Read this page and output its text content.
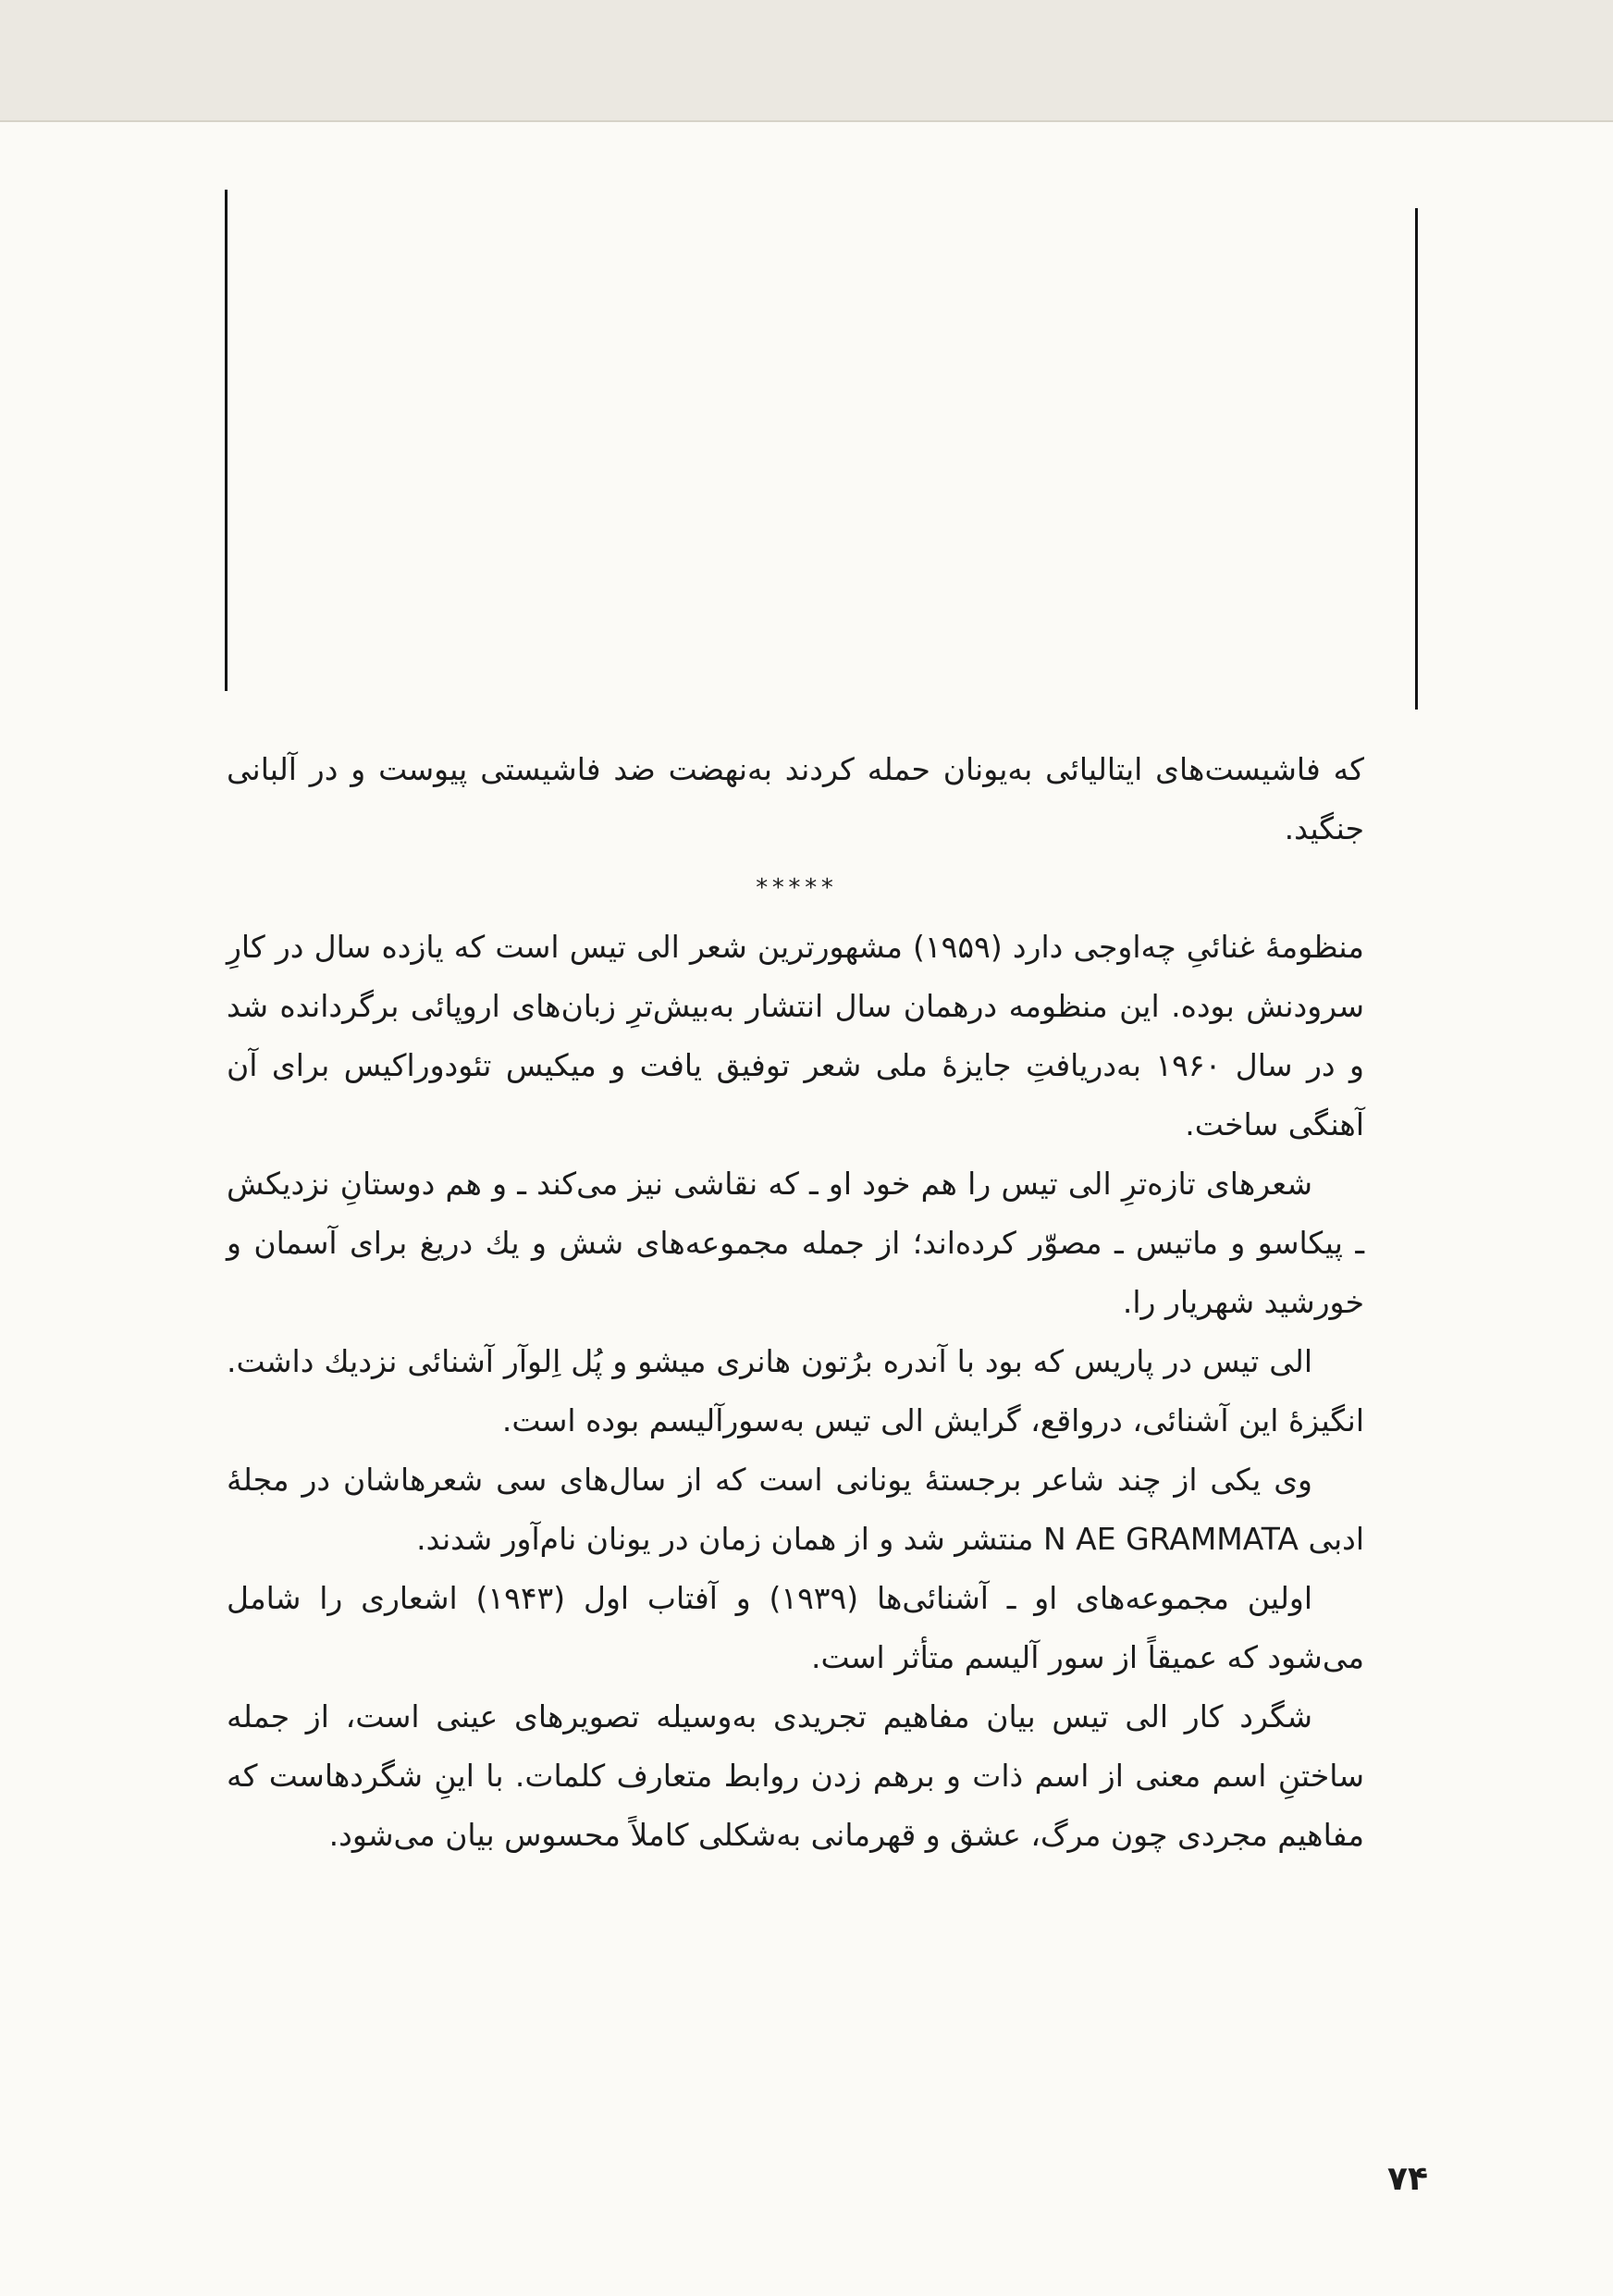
که فاشیست‌های ایتالیائی به‌یونان حمله کردند به‌نهضت ضد فاشیستی پیوست و در آلبانی جنگید.

*****

منظومهٔ غنائیِ چه‌اوجی دارد (۱۹۵۹) مشهورترین شعر الی تیس است که یازده سال در کارِ سرودنش بوده. این منظومه درهمان سال انتشار به‌بیش‌ترِ زبان‌های اروپائی برگردانده شد و در سال ۱۹۶۰ به‌دریافتِ جایزهٔ ملی شعر توفیق یافت و میکیس تئودوراکیس برای آن آهنگی ساخت.

شعرهای تازه‌ترِ الی تیس را هم خود او ـ که نقاشی نیز می‌کند ـ و هم دوستانِ نزدیکش ـ پیکاسو و ماتیس ـ مصوّر کرده‌اند؛ از جمله مجموعه‌های شش و یك دریغ برای آسمان و خورشید شهریار را.

الی تیس در پاریس که بود با آندره برُتون هانری میشو و پُل اِلوآر آشنائی نزدیك داشت. انگیزهٔ این آشنائی، درواقع، گرایش الی تیس به‌سورآلیسم بوده است.

وی یکی از چند شاعر برجستهٔ یونانی است که از سال‌های سی شعرهاشان در مجلهٔ ادبی N AE GRAMMATA منتشر شد و از همان زمان در یونان نام‌آور شدند.

اولین مجموعه‌های او ـ آشنائی‌ها (۱۹۳۹) و آفتاب اول (۱۹۴۳) اشعاری را شامل می‌شود که عمیقاً از سور آلیسم متأثر است.

شگرد کار الی تیس بیان مفاهیم تجریدی به‌وسیله تصویرهای عینی است، از جمله ساختنِ اسم معنی از اسم ذات و برهم زدن روابط متعارف کلمات. با اینِ شگردهاست که مفاهیم مجردی چون مرگ، عشق و قهرمانی به‌شکلی کاملاً محسوس بیان می‌شود.

۷۴
